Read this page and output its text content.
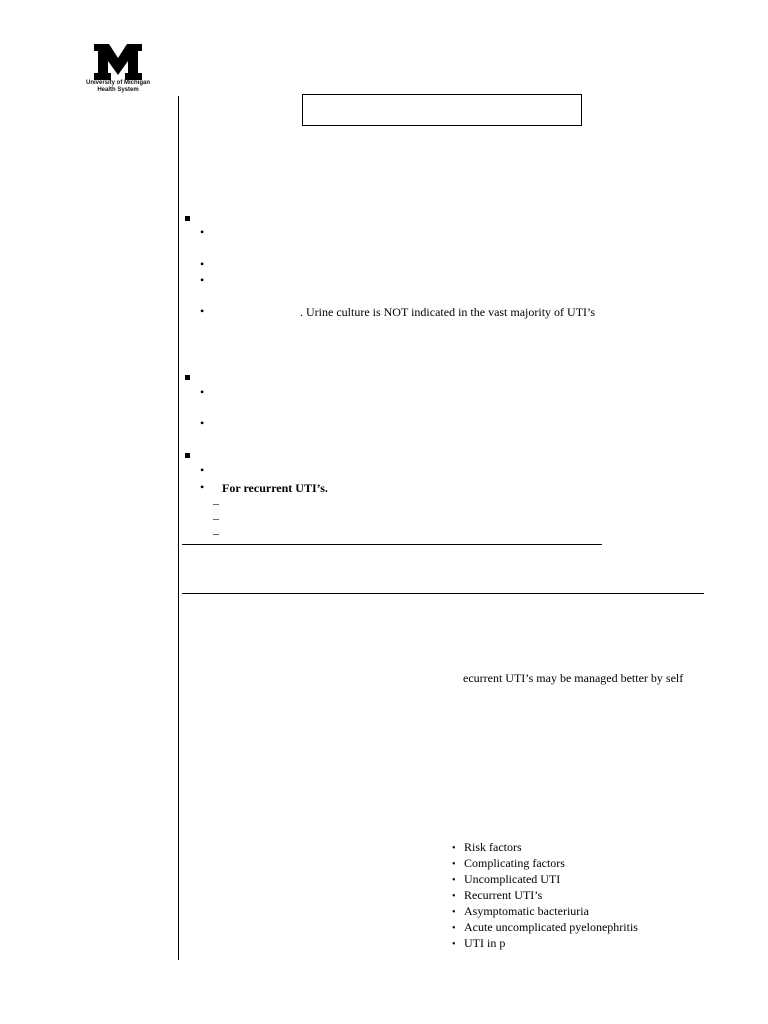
University of Michigan
Health System
•
•
•
•	. Urine culture is NOT indicated in the vast majority of UTI’s
•
•
•
• For recurrent UTI’s.
–
–
–
ecurrent UTI’s may be managed better by self
• Risk factors
• Complicating factors
• Uncomplicated UTI
• Recurrent UTI’s
• Asymptomatic bacteriuria
• Acute uncomplicated pyelonephritis
• UTI in p
